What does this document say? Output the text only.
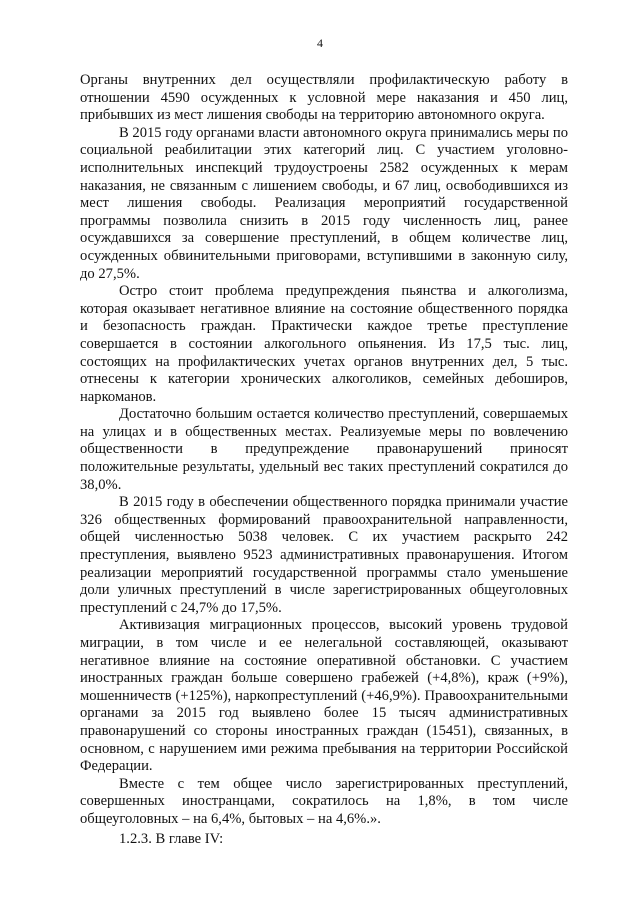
4

Органы внутренних дел осуществляли профилактическую работу в отношении 4590 осужденных к условной мере наказания и 450 лиц, прибывших из мест лишения свободы на территорию автономного округа.

В 2015 году органами власти автономного округа принимались меры по социальной реабилитации этих категорий лиц. С участием уголовно-исполнительных инспекций трудоустроены 2582 осужденных к мерам наказания, не связанным с лишением свободы, и 67 лиц, освободившихся из мест лишения свободы. Реализация мероприятий государственной программы позволила снизить в 2015 году численность лиц, ранее осуждавшихся за совершение преступлений, в общем количестве лиц, осужденных обвинительными приговорами, вступившими в законную силу, до 27,5%.

Остро стоит проблема предупреждения пьянства и алкоголизма, которая оказывает негативное влияние на состояние общественного порядка и безопасность граждан. Практически каждое третье преступление совершается в состоянии алкогольного опьянения. Из 17,5 тыс. лиц, состоящих на профилактических учетах органов внутренних дел, 5 тыс. отнесены к категории хронических алкоголиков, семейных дебоширов, наркоманов.

Достаточно большим остается количество преступлений, совершаемых на улицах и в общественных местах. Реализуемые меры по вовлечению общественности в предупреждение правонарушений приносят положительные результаты, удельный вес таких преступлений сократился до 38,0%.

В 2015 году в обеспечении общественного порядка принимали участие 326 общественных формирований правоохранительной направленности, общей численностью 5038 человек. С их участием раскрыто 242 преступления, выявлено 9523 административных правонарушения. Итогом реализации мероприятий государственной программы стало уменьшение доли уличных преступлений в числе зарегистрированных общеуголовных преступлений с 24,7% до 17,5%.

Активизация миграционных процессов, высокий уровень трудовой миграции, в том числе и ее нелегальной составляющей, оказывают негативное влияние на состояние оперативной обстановки. С участием иностранных граждан больше совершено грабежей (+4,8%), краж (+9%), мошенничеств (+125%), наркопреступлений (+46,9%). Правоохранительными органами за 2015 год выявлено более 15 тысяч административных правонарушений со стороны иностранных граждан (15451), связанных, в основном, с нарушением ими режима пребывания на территории Российской Федерации.

Вместе с тем общее число зарегистрированных преступлений, совершенных иностранцами, сократилось на 1,8%, в том числе общеуголовных – на 6,4%, бытовых – на 4,6%.».

1.2.3. В главе IV:
